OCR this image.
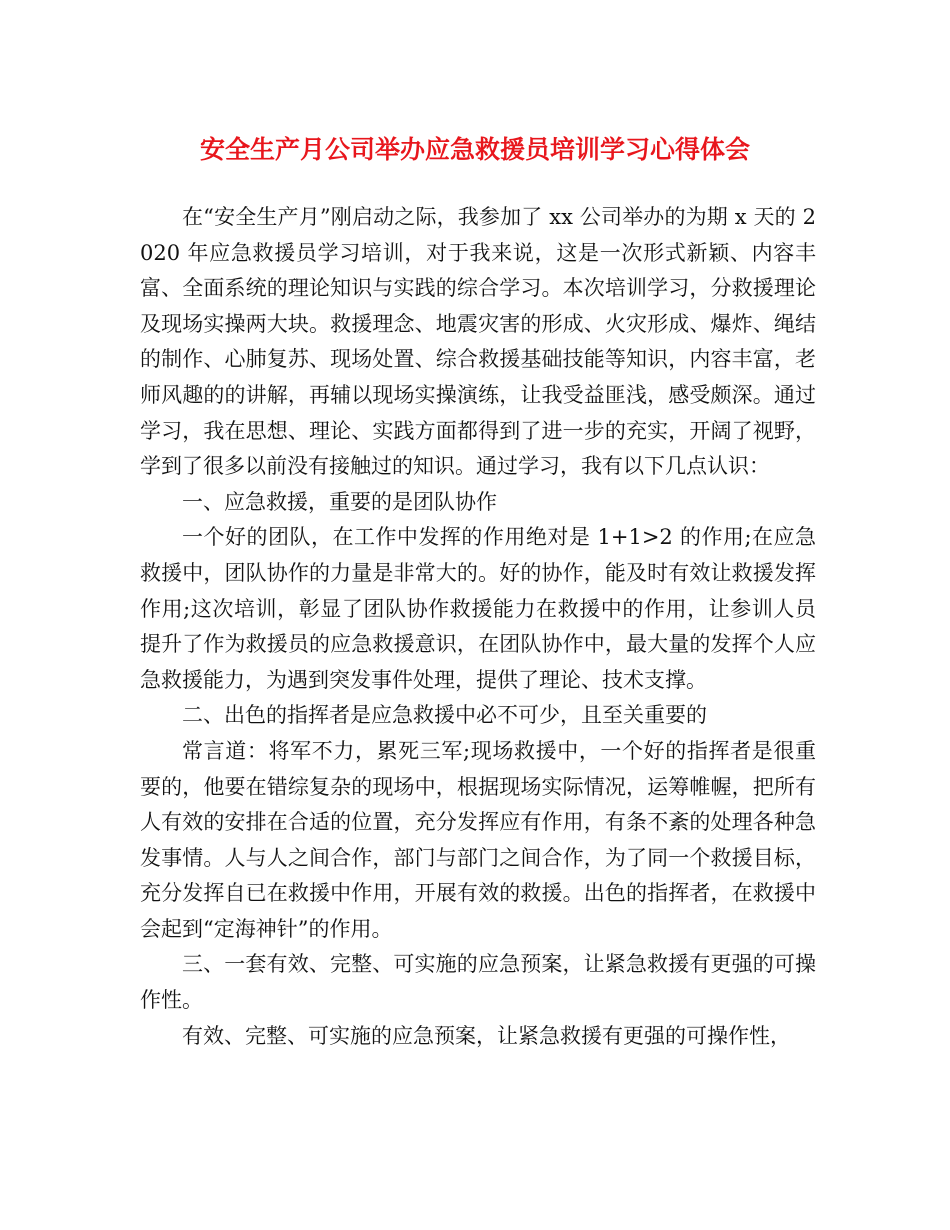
安全生产月公司举办应急救援员培训学习心得体会

在“安全生产月”刚启动之际，我参加了 xx 公司举办的为期 x 天的 2020 年应急救援员学习培训，对于我来说，这是一次形式新颖、内容丰富、全面系统的理论知识与实践的综合学习。本次培训学习，分救援理论及现场实操两大块。救援理念、地震灾害的形成、火灾形成、爆炸、绳结的制作、心肺复苏、现场处置、综合救援基础技能等知识，内容丰富，老师风趣的的讲解，再辅以现场实操演练，让我受益匪浅，感受颇深。通过学习，我在思想、理论、实践方面都得到了进一步的充实，开阔了视野，学到了很多以前没有接触过的知识。通过学习，我有以下几点认识：

一、应急救援，重要的是团队协作

一个好的团队，在工作中发挥的作用绝对是 1+1>2 的作用;在应急救援中，团队协作的力量是非常大的。好的协作，能及时有效让救援发挥作用;这次培训，彰显了团队协作救援能力在救援中的作用，让参训人员提升了作为救援员的应急救援意识，在团队协作中，最大量的发挥个人应急救援能力，为遇到突发事件处理，提供了理论、技术支撑。

二、出色的指挥者是应急救援中必不可少，且至关重要的

常言道：将军不力，累死三军;现场救援中，一个好的指挥者是很重要的，他要在错综复杂的现场中，根据现场实际情况，运筹帷幄，把所有人有效的安排在合适的位置，充分发挥应有作用，有条不紊的处理各种急发事情。人与人之间合作，部门与部门之间合作，为了同一个救援目标，充分发挥自已在救援中作用，开展有效的救援。出色的指挥者，在救援中会起到“定海神针”的作用。

三、一套有效、完整、可实施的应急预案，让紧急救援有更强的可操作性。

有效、完整、可实施的应急预案，让紧急救援有更强的可操作性，
